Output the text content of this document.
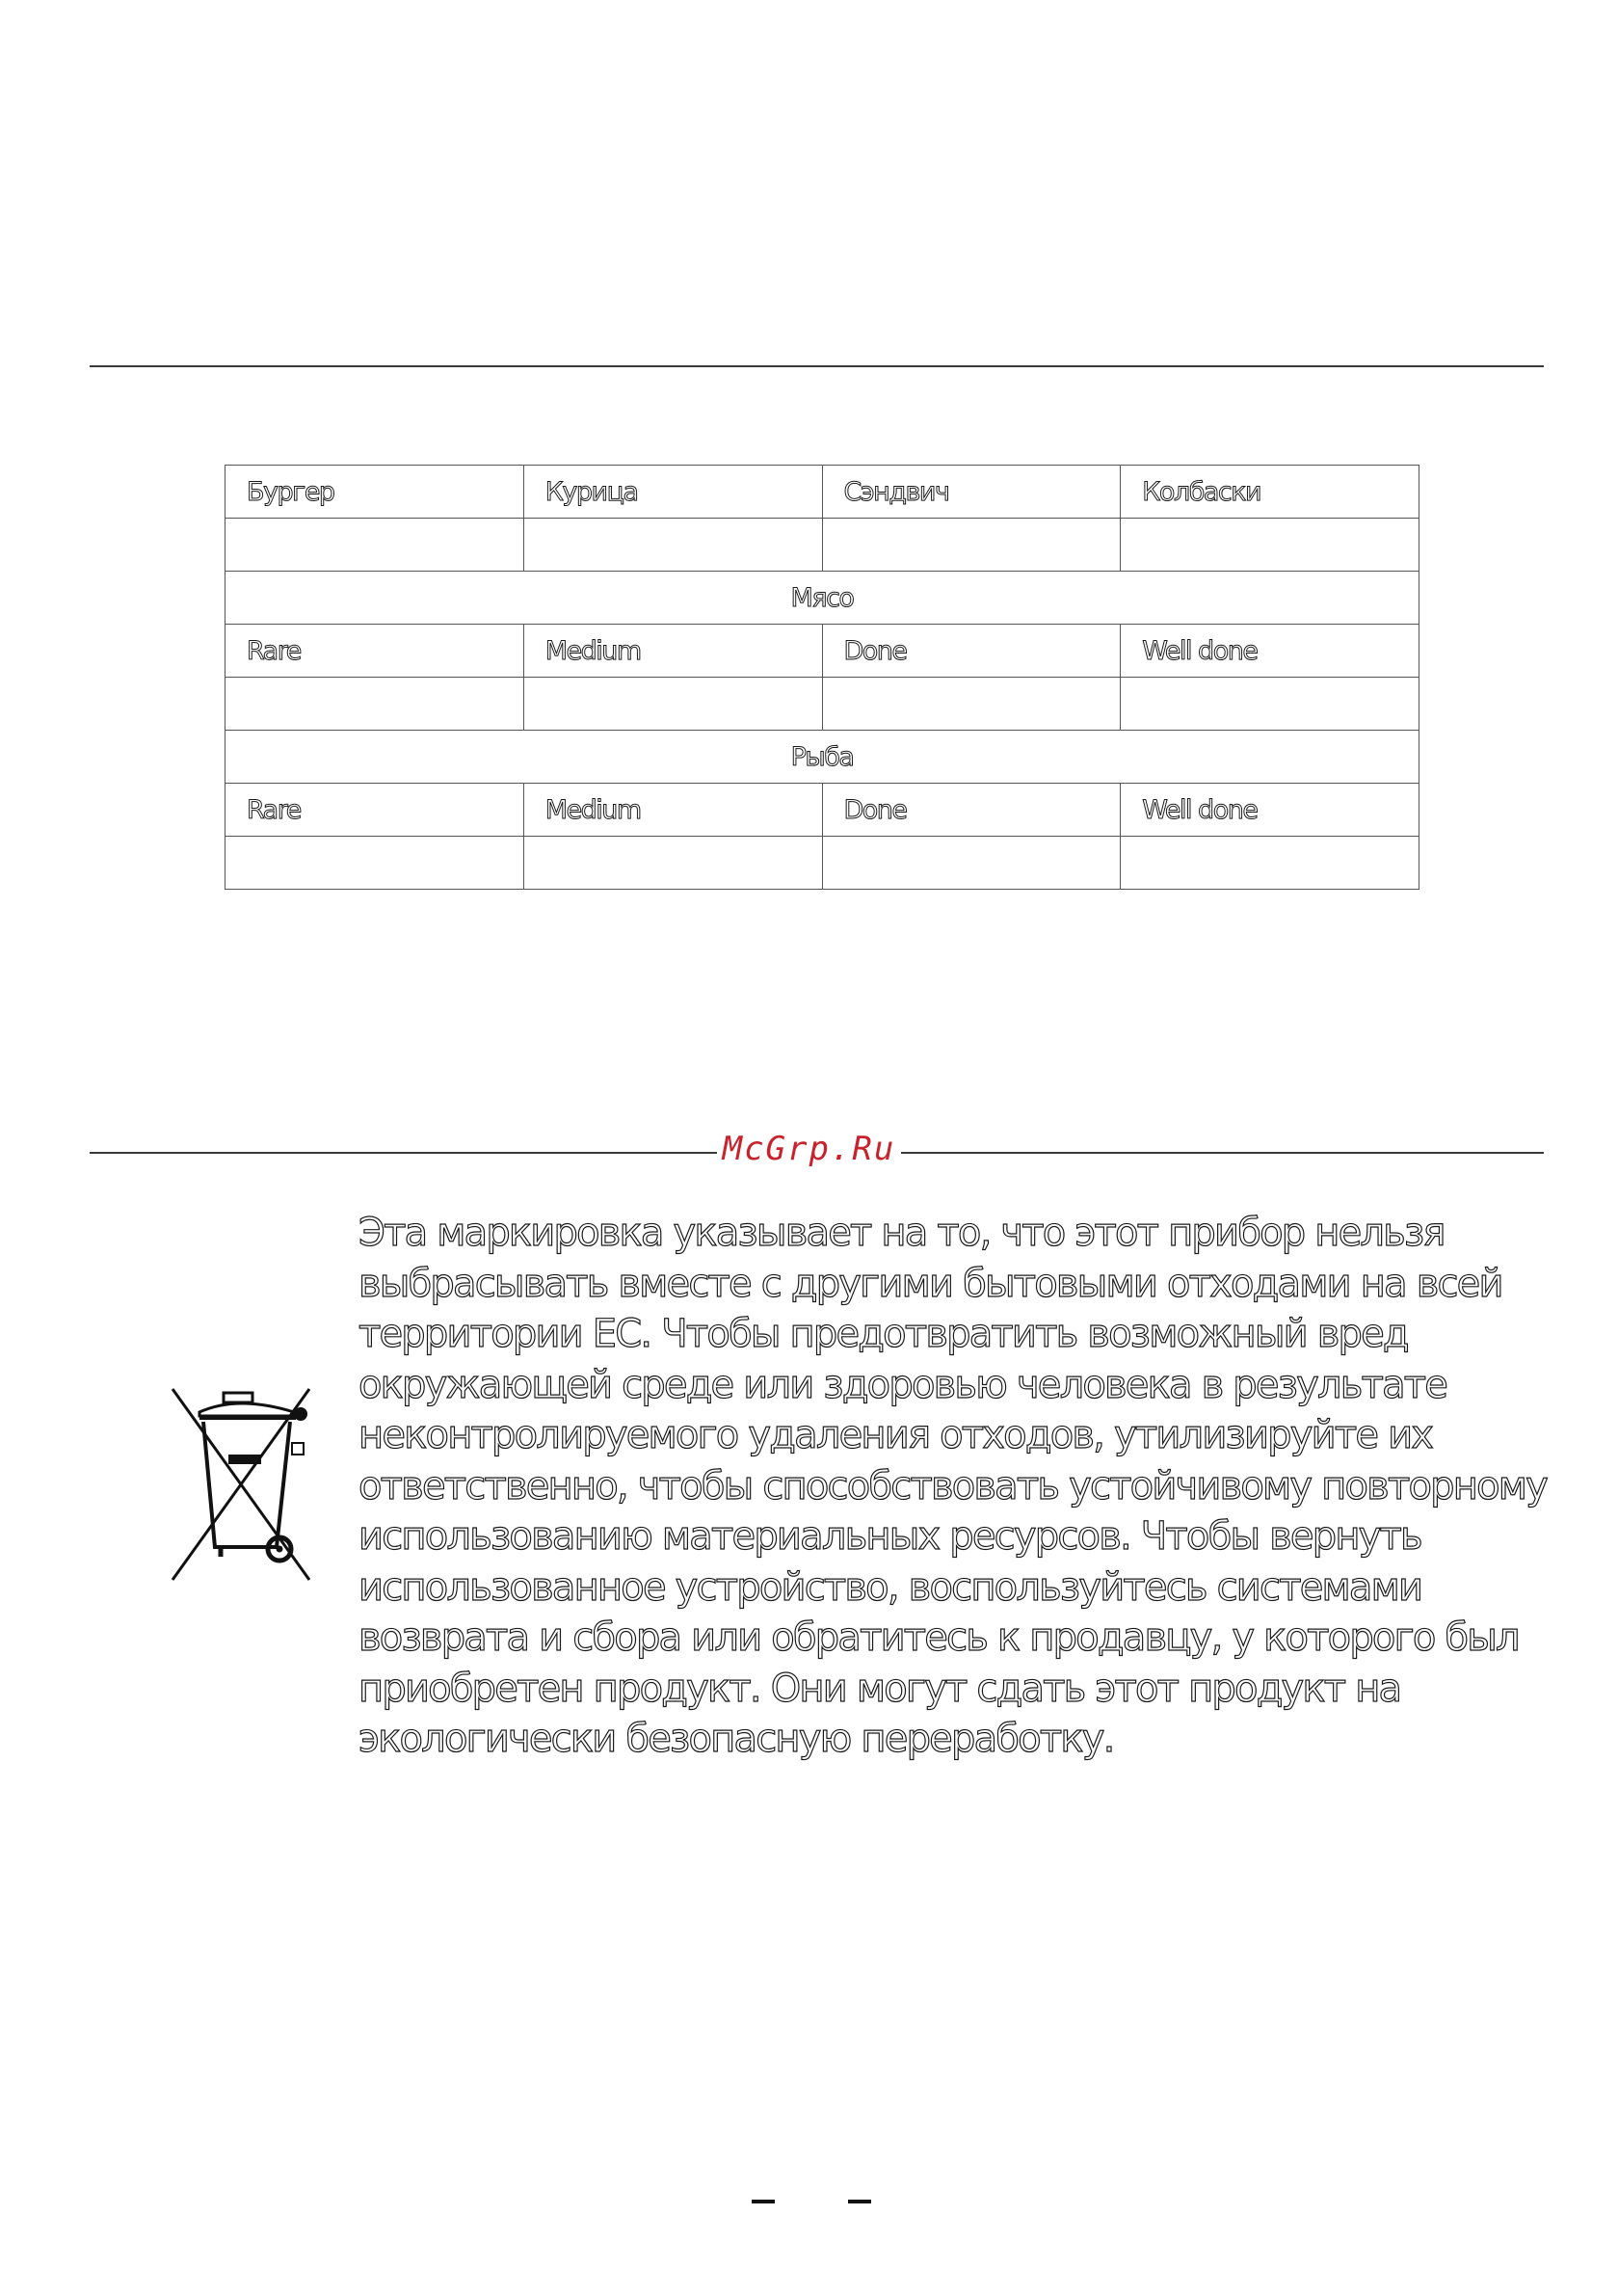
Бургер	Курица	Сэндвич	Колбаски

Мясо			
Rare	Medium	Done	Well done

Рыба			
Rare	Medium	Done	Well done

McGrp.Ru

Эта маркировка указывает на то, что этот прибор нельзя
выбрасывать вместе с другими бытовыми отходами на всей
территории ЕС. Чтобы предотвратить возможный вред
окружающей среде или здоровью человека в результате
неконтролируемого удаления отходов, утилизируйте их
ответственно, чтобы способствовать устойчивому повторному
использованию материальных ресурсов. Чтобы вернуть
использованное устройство, воспользуйтесь системами
возврата и сбора или обратитесь к продавцу, у которого был
приобретен продукт. Они могут сдать этот продукт на
экологически безопасную переработку.
